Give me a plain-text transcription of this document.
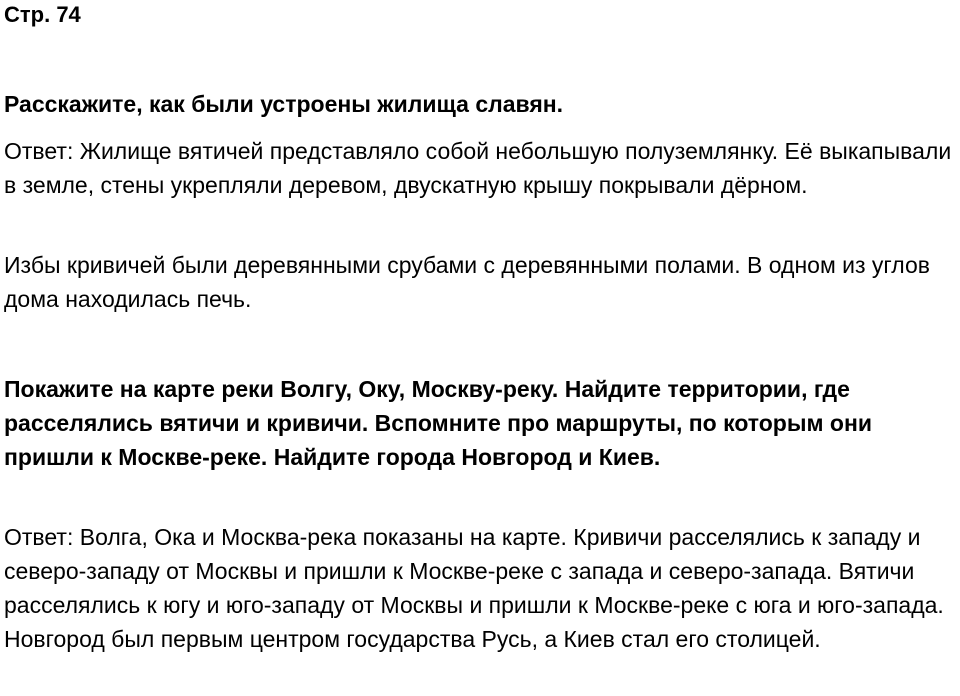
Стр. 74

Расскажите, как были устроены жилища славян.

Ответ: Жилище вятичей представляло собой небольшую полуземлянку. Её выкапывали в земле, стены укрепляли деревом, двускатную крышу покрывали дёрном.

Избы кривичей были деревянными срубами с деревянными полами. В одном из углов дома находилась печь.

Покажите на карте реки Волгу, Оку, Москву-реку. Найдите территории, где расселялись вятичи и кривичи. Вспомните про маршруты, по которым они пришли к Москве-реке. Найдите города Новгород и Киев.

Ответ: Волга, Ока и Москва-река показаны на карте. Кривичи расселялись к западу и северо-западу от Москвы и пришли к Москве-реке с запада и северо-запада. Вятичи расселялись к югу и юго-западу от Москвы и пришли к Москве-реке с юга и юго-запада. Новгород был первым центром государства Русь, а Киев стал его столицей.
